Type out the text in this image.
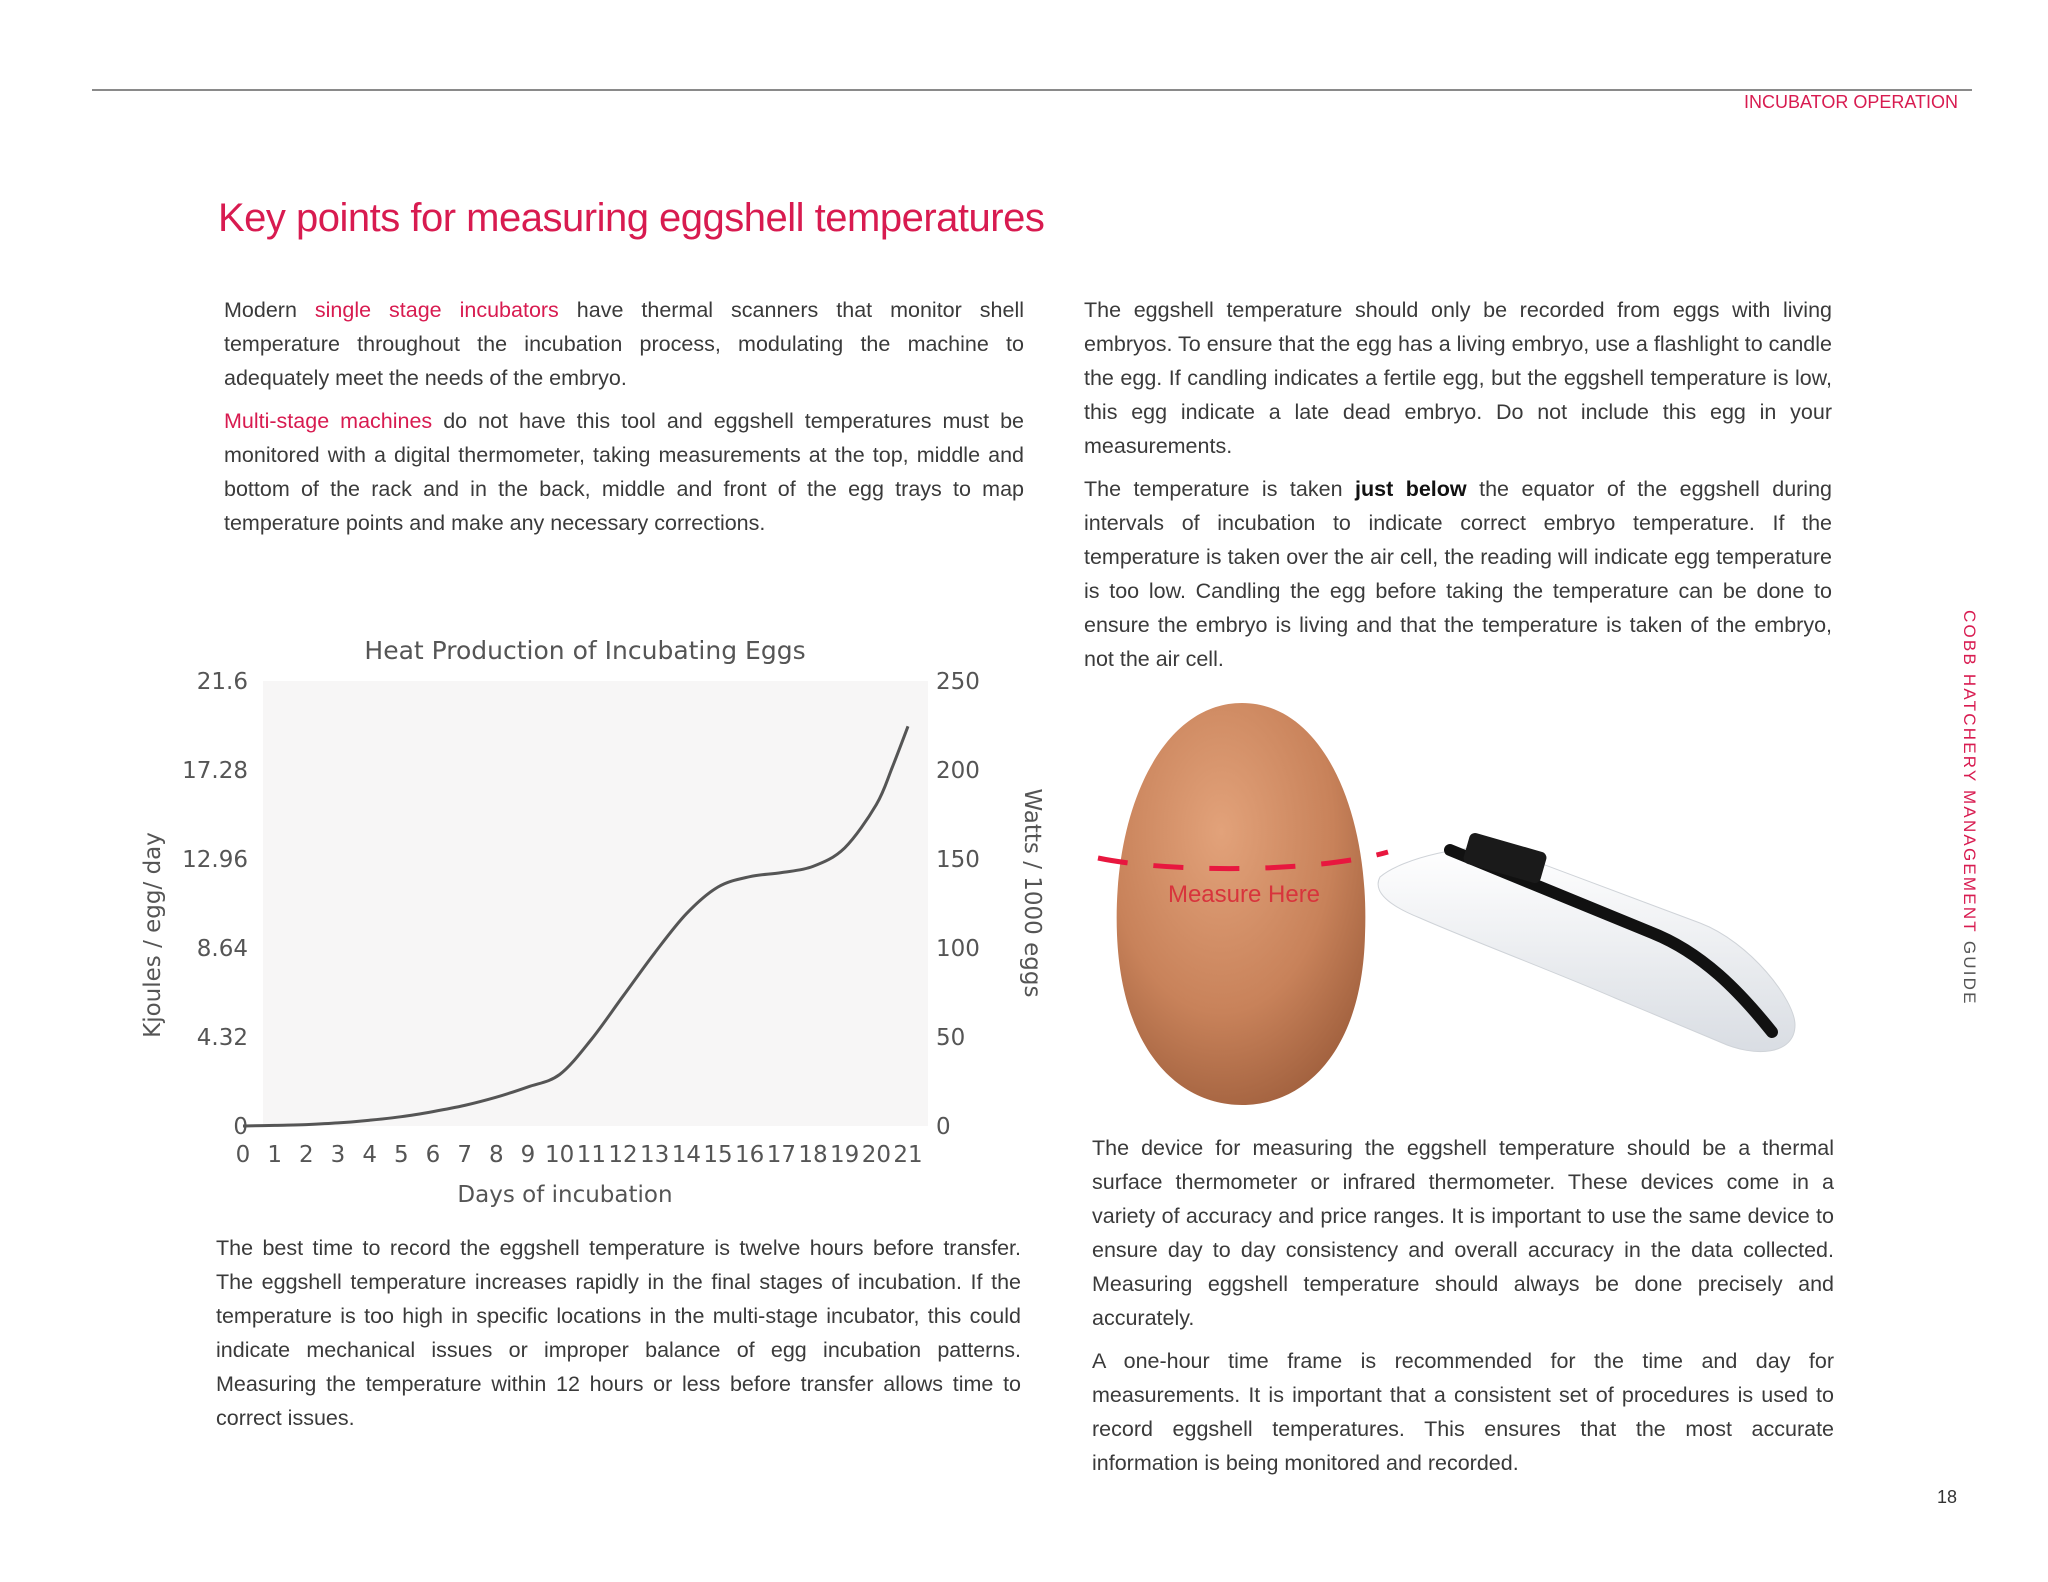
INCUBATOR OPERATION
COBB HATCHERY MANAGEMENT GUIDE
Key points for measuring eggshell temperatures

Modern single stage incubators have thermal scanners that monitor shell temperature throughout the incubation process, modulating the machine to adequately meet the needs of the embryo.

Multi-stage machines do not have this tool and eggshell temperatures must be monitored with a digital thermometer, taking measurements at the top, middle and bottom of the rack and in the back, middle and front of the egg trays to map temperature points and make any necessary corrections.

The eggshell temperature should only be recorded from eggs with living embryos. To ensure that the egg has a living embryo, use a flashlight to candle the egg. If candling indicates a fertile egg, but the eggshell temperature is low, this egg indicate a late dead embryo. Do not include this egg in your measurements.

The temperature is taken just below the equator of the eggshell during intervals of incubation to indicate correct embryo temperature. If the temperature is taken over the air cell, the reading will indicate egg temperature is too low. Candling the egg before taking the temperature can be done to ensure the embryo is living and that the temperature is taken of the embryo, not the air cell.

Heat Production of Incubating Eggs
0
4.32
8.64
12.96
17.28
21.6
0
50
100
150
200
250
0 1 2 3 4 5 6 7 8 9 10 11 12 13 14 15 16 17 18 19 20 21
Days of incubation
Kjoules / egg/ day	Watts / 1000 eggs	Measure Here

The best time to record the eggshell temperature is twelve hours before transfer. The eggshell temperature increases rapidly in the final stages of incubation. If the temperature is too high in specific locations in the multi-stage incubator, this could indicate mechanical issues or improper balance of egg incubation patterns. Measuring the temperature within 12 hours or less before transfer allows time to correct issues.

The device for measuring the eggshell temperature should be a thermal surface thermometer or infrared thermometer. These devices come in a variety of accuracy and price ranges. It is important to use the same device to ensure day to day consistency and overall accuracy in the data collected. Measuring eggshell temperature should always be done precisely and accurately.

A one-hour time frame is recommended for the time and day for measurements. It is important that a consistent set of procedures is used to record eggshell temperatures. This ensures that the most accurate information is being monitored and recorded.

18
